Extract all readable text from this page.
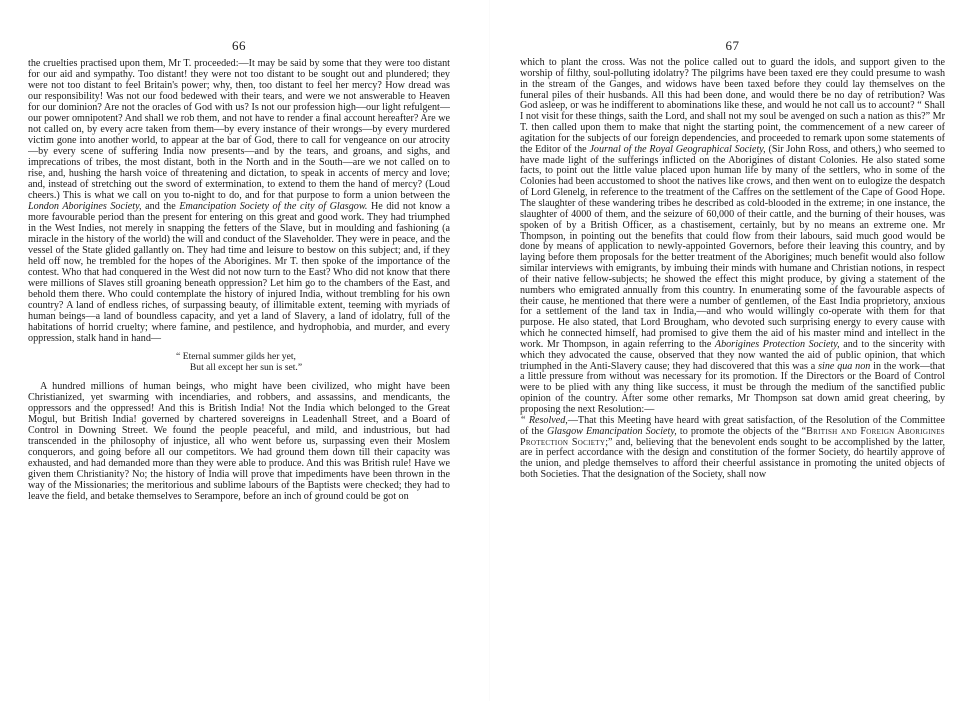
66

the cruelties practised upon them, Mr T. proceeded:—It may be said by some that they were too distant for our aid and sympathy. Too distant! they were not too distant to be sought out and plundered; they were not too distant to feel Britain's power; why, then, too distant to feel her mercy? How dread was our responsibility! Was not our food bedewed with their tears, and were we not answerable to Heaven for our dominion? Are not the oracles of God with us? Is not our profession high—our light refulgent—our power omnipotent? And shall we rob them, and not have to render a final account hereafter? Are we not called on, by every acre taken from them—by every instance of their wrongs—by every murdered victim gone into another world, to appear at the bar of God, there to call for vengeance on our atrocity—by every scene of suffering India now presents—and by the tears, and groans, and sighs, and imprecations of tribes, the most distant, both in the North and in the South—are we not called on to rise, and, hushing the harsh voice of threatening and dictation, to speak in accents of mercy and love; and, instead of stretching out the sword of extermination, to extend to them the hand of mercy? (Loud cheers.) This is what we call on you to-night to do, and for that purpose to form a union between the London Aborigines Society, and the Emancipation Society of the city of Glasgow. He did not know a more favourable period than the present for entering on this great and good work. They had triumphed in the West Indies, not merely in snapping the fetters of the Slave, but in moulding and fashioning (a miracle in the history of the world) the will and conduct of the Slaveholder. They were in peace, and the vessel of the State glided gallantly on. They had time and leisure to bestow on this subject; and, if they held off now, he trembled for the hopes of the Aborigines. Mr T. then spoke of the importance of the contest. Who that had conquered in the West did not now turn to the East? Who did not know that there were millions of Slaves still groaning beneath oppression? Let him go to the chambers of the East, and behold them there. Who could contemplate the history of injured India, without trembling for his own country? A land of endless riches, of surpassing beauty, of illimitable extent, teeming with myriads of human beings—a land of boundless capacity, and yet a land of Slavery, a land of idolatry, full of the habitations of horrid cruelty; where famine, and pestilence, and hydrophobia, and murder, and every oppression, stalk hand in hand—

“ Eternal summer gilds her yet,
But all except her sun is set.”

A hundred millions of human beings, who might have been civilized, who might have been Christianized, yet swarming with incendiaries, and robbers, and assassins, and mendicants, the oppressors and the oppressed! And this is British India! Not the India which belonged to the Great Mogul, but British India! governed by chartered sovereigns in Leadenhall Street, and a Board of Control in Downing Street. We found the people peaceful, and mild, and industrious, but had transcended in the philosophy of injustice, all who went before us, surpassing even their Moslem conquerors, and going before all our competitors. We had ground them down till their capacity was exhausted, and had demanded more than they were able to produce. And this was British rule! Have we given them Christianity? No; the history of India will prove that impediments have been thrown in the way of the Missionaries; the meritorious and sublime labours of the Baptists were checked; they had to leave the field, and betake themselves to Serampore, before an inch of ground could be got on

67

which to plant the cross. Was not the police called out to guard the idols, and support given to the worship of filthy, soul-polluting idolatry? The pilgrims have been taxed ere they could presume to wash in the stream of the Ganges, and widows have been taxed before they could lay themselves on the funeral piles of their husbands. All this had been done, and would there be no day of retribution? Was God asleep, or was he indifferent to abominations like these, and would he not call us to account? “ Shall I not visit for these things, saith the Lord, and shall not my soul be avenged on such a nation as this?” Mr T. then called upon them to make that night the starting point, the commencement of a new career of agitation for the subjects of our foreign dependencies, and proceeded to remark upon some statements of the Editor of the Journal of the Royal Geographical Society, (Sir John Ross, and others,) who seemed to have made light of the sufferings inflicted on the Aborigines of distant Colonies. He also stated some facts, to point out the little value placed upon human life by many of the settlers, who in some of the Colonies had been accustomed to shoot the natives like crows, and then went on to eulogize the despatch of Lord Glenelg, in reference to the treatment of the Caffres on the settlement of the Cape of Good Hope. The slaughter of these wandering tribes he described as cold-blooded in the extreme; in one instance, the slaughter of 4000 of them, and the seizure of 60,000 of their cattle, and the burning of their houses, was spoken of by a British Officer, as a chastisement, certainly, but by no means an extreme one. Mr Thompson, in pointing out the benefits that could flow from their labours, said much good would be done by means of application to newly-appointed Governors, before their leaving this country, and by laying before them proposals for the better treatment of the Aborigines; much benefit would also follow similar interviews with emigrants, by imbuing their minds with humane and Christian notions, in respect of their native fellow-subjects; he showed the effect this might produce, by giving a statement of the numbers who emigrated annually from this country. In enumerating some of the favourable aspects of their cause, he mentioned that there were a number of gentlemen, of the East India proprietory, anxious for a settlement of the land tax in India,—and who would willingly co-operate with them for that purpose. He also stated, that Lord Brougham, who devoted such surprising energy to every cause with which he connected himself, had promised to give them the aid of his master mind and intellect in the work. Mr Thompson, in again referring to the Aborigines Protection Society, and to the sincerity with which they advocated the cause, observed that they now wanted the aid of public opinion, that which triumphed in the Anti-Slavery cause; they had discovered that this was a sine qua non in the work—that a little pressure from without was necessary for its promotion. If the Directors or the Board of Control were to be plied with any thing like success, it must be through the medium of the sanctified public opinion of the country. After some other remarks, Mr Thompson sat down amid great cheering, by proposing the next Resolution:—

“ Resolved,—That this Meeting have heard with great satisfaction, of the Resolution of the Committee of the Glasgow Emancipation Society, to promote the objects of the “British and Foreign Aborigines Protection Society;” and, believing that the benevolent ends sought to be accomplished by the latter, are in perfect accordance with the design and constitution of the former Society, do heartily approve of the union, and pledge themselves to afford their cheerful assistance in promoting the united objects of both Societies. That the designation of the Society, shall now
